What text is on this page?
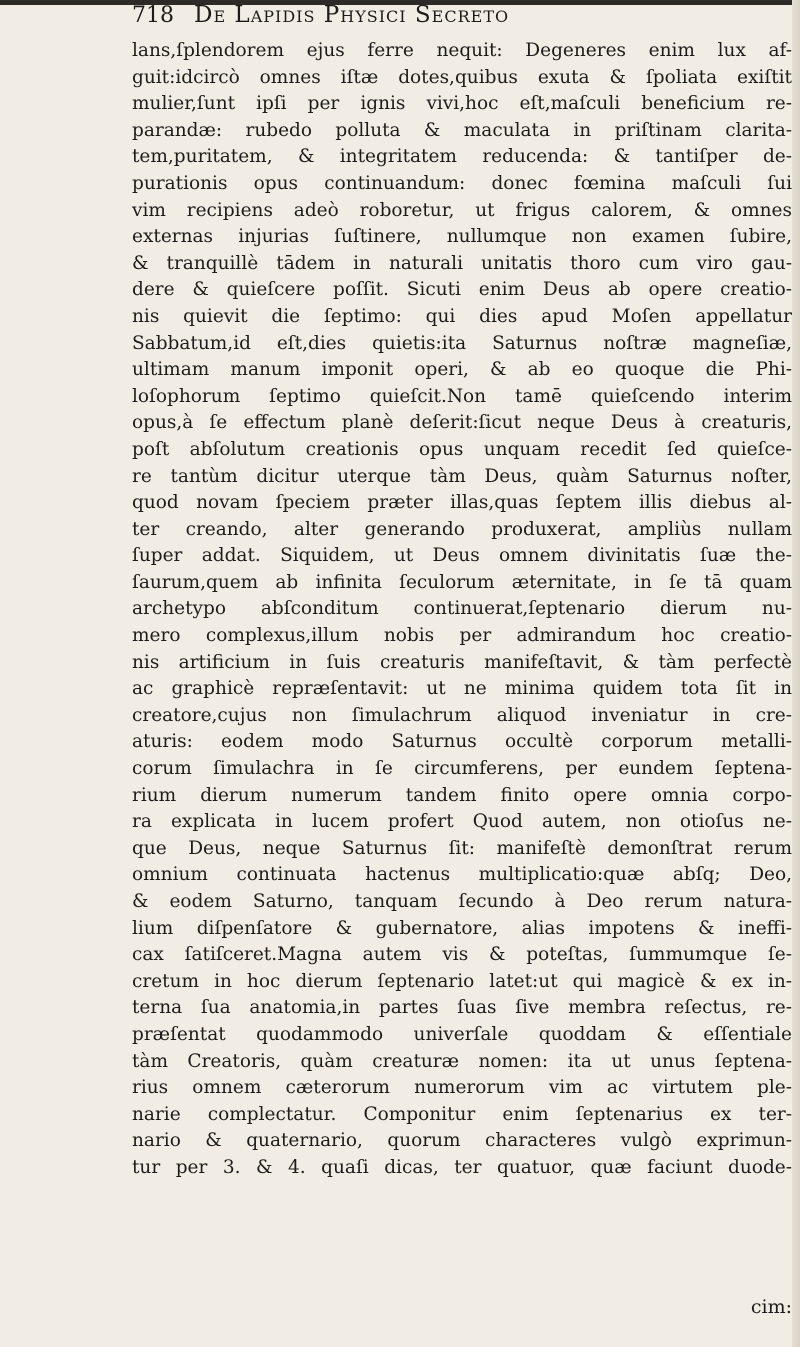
718 De Lapidis Physici Secreto
lans,ſplendorem ejus ferre nequit: Degeneres enim lux af-
guit:idcircò omnes iſtæ dotes,quibus exuta & ſpoliata exiſtit
mulier,ſunt ipſi per ignis vivi,hoc eſt,maſculi beneficium re-
parandæ: rubedo polluta & maculata in priſtinam clarita-
tem,puritatem, & integritatem reducenda: & tantiſper de-
purationis opus continuandum: donec fœmina maſculi ſui
vim recipiens adeò roboretur, ut frigus calorem, & omnes
externas injurias ſuſtinere, nullumque non examen ſubire,
& tranquillè tādem in naturali unitatis thoro cum viro gau-
dere & quieſcere poſſit. Sicuti enim Deus ab opere creatio-
nis quievit die ſeptimo: qui dies apud Moſen appellatur
Sabbatum,id eſt,dies quietis:ita Saturnus noſtræ magneſiæ,
ultimam manum imponit operi, & ab eo quoque die Phi-
loſophorum ſeptimo quieſcit.Non tamē quieſcendo interim
opus,à ſe effectum planè deſerit:ſicut neque Deus à creaturis,
poſt abſolutum creationis opus unquam recedit ſed quieſce-
re tantùm dicitur uterque tàm Deus, quàm Saturnus noſter,
quod novam ſpeciem præter illas,quas ſeptem illis diebus al-
ter creando, alter generando produxerat, ampliùs nullam
ſuper addat. Siquidem, ut Deus omnem divinitatis ſuæ the-
ſaurum,quem ab infinita ſeculorum æternitate, in ſe tā quam
archetypo abſconditum continuerat,ſeptenario dierum nu-
mero complexus,illum nobis per admirandum hoc creatio-
nis artificium in ſuis creaturis manifeſtavit, & tàm perfectè
ac graphicè repræſentavit: ut ne minima quidem tota ſit in
creatore,cujus non ſimulachrum aliquod inveniatur in cre-
aturis: eodem modo Saturnus occultè corporum metalli-
corum ſimulachra in ſe circumferens, per eundem ſeptena-
rium dierum numerum tandem finito opere omnia corpo-
ra explicata in lucem profert Quod autem, non otioſus ne-
que Deus, neque Saturnus ſit: manifeſtè demonſtrat rerum
omnium continuata hactenus multiplicatio:quæ abſq; Deo,
& eodem Saturno, tanquam ſecundo à Deo rerum natura-
lium diſpenſatore & gubernatore, alias impotens & ineffi-
cax ſatiſceret.Magna autem vis & poteſtas, ſummumque ſe-
cretum in hoc dierum ſeptenario latet:ut qui magicè & ex in-
terna ſua anatomia,in partes ſuas ſive membra reſectus, re-
præſentat quodammodo univerſale quoddam & eſſentiale
tàm Creatoris, quàm creaturæ nomen: ita ut unus ſeptena-
rius omnem cæterorum numerorum vim ac virtutem ple-
narie complectatur. Componitur enim ſeptenarius ex ter-
nario & quaternario, quorum characteres vulgò exprimun-
tur per 3. & 4. quaſi dicas, ter quatuor, quæ faciunt duode-
cim:
